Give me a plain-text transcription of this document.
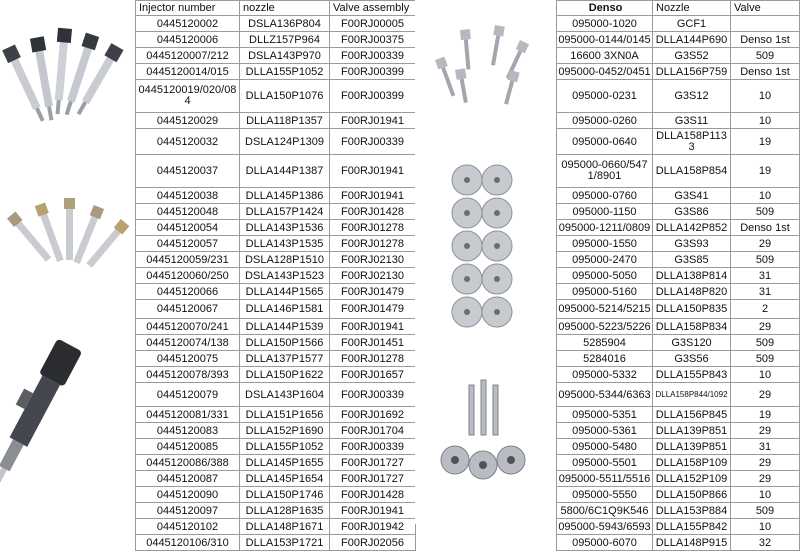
Injector number	nozzle	Valve assembly
0445120002	DSLA136P804	F00RJ00005
0445120006	DLLZ157P964	F00RJ00375
0445120007/212	DSLA143P970	F00RJ00339
0445120014/015	DLLA155P1052	F00RJ00399
0445120019/020/084	DLLA150P1076	F00RJ00399
0445120029	DLLA118P1357	F00RJ01941
0445120032	DSLA124P1309	F00RJ00339
0445120037	DLLA144P1387	F00RJ01941
0445120038	DLLA145P1386	F00RJ01941
0445120048	DLLA157P1424	F00RJ01428
0445120054	DLLA143P1536	F00RJ01278
0445120057	DLLA143P1535	F00RJ01278
0445120059/231	DSLA128P1510	F00RJ02130
0445120060/250	DSLA143P1523	F00RJ02130
0445120066	DLLA144P1565	F00RJ01479
0445120067	DLLA146P1581	F00RJ01479
0445120070/241	DLLA144P1539	F00RJ01941
0445120074/138	DLLA150P1566	F00RJ01451
0445120075	DLLA137P1577	F00RJ01278
0445120078/393	DLLA150P1622	F00RJ01657
0445120079	DSLA143P1604	F00RJ00339
0445120081/331	DLLA151P1656	F00RJ01692
0445120083	DLLA152P1690	F00RJ01704
0445120085	DLLA155P1052	F00RJ00339
0445120086/388	DLLA145P1655	F00RJ01727
0445120087	DLLA145P1654	F00RJ01727
0445120090	DLLA150P1746	F00RJ01428
0445120097	DLLA128P1635	F00RJ01941
0445120102	DLLA148P1671	F00RJ01942
0445120106/310	DLLA153P1721	F00RJ02056
Denso	Nozzle	Valve
095000-1020	GCF1	
095000-0144/0145	DLLA144P690	Denso 1st
16600 3XN0A	G3S52	509
095000-0452/0451	DLLA156P759	Denso 1st
095000-0231	G3S12	10
095000-0260	G3S11	10
095000-0640	DLLA158P1133	19
095000-0660/5471/8901	DLLA158P854	19
095000-0760	G3S41	10
095000-1150	G3S86	509
095000-1211/0809	DLLA142P852	Denso 1st
095000-1550	G3S93	29
095000-2470	G3S85	509
095000-5050	DLLA138P814	31
095000-5160	DLLA148P820	31
095000-5214/5215	DLLA150P835	2
095000-5223/5226	DLLA158P834	29
5285904	G3S120	509
5284016	G3S56	509
095000-5332	DLLA155P843	10
095000-5344/6363	DLLA158P844/1092	29
095000-5351	DLLA156P845	19
095000-5361	DLLA139P851	29
095000-5480	DLLA139P851	31
095000-5501	DLLA158P109	29
095000-5511/5516	DLLA152P109	29
095000-5550	DLLA150P866	10
5800/6C1Q9K546	DLLA153P884	509
095000-5943/6593	DLLA155P842	10
095000-6070	DLLA148P915	32
